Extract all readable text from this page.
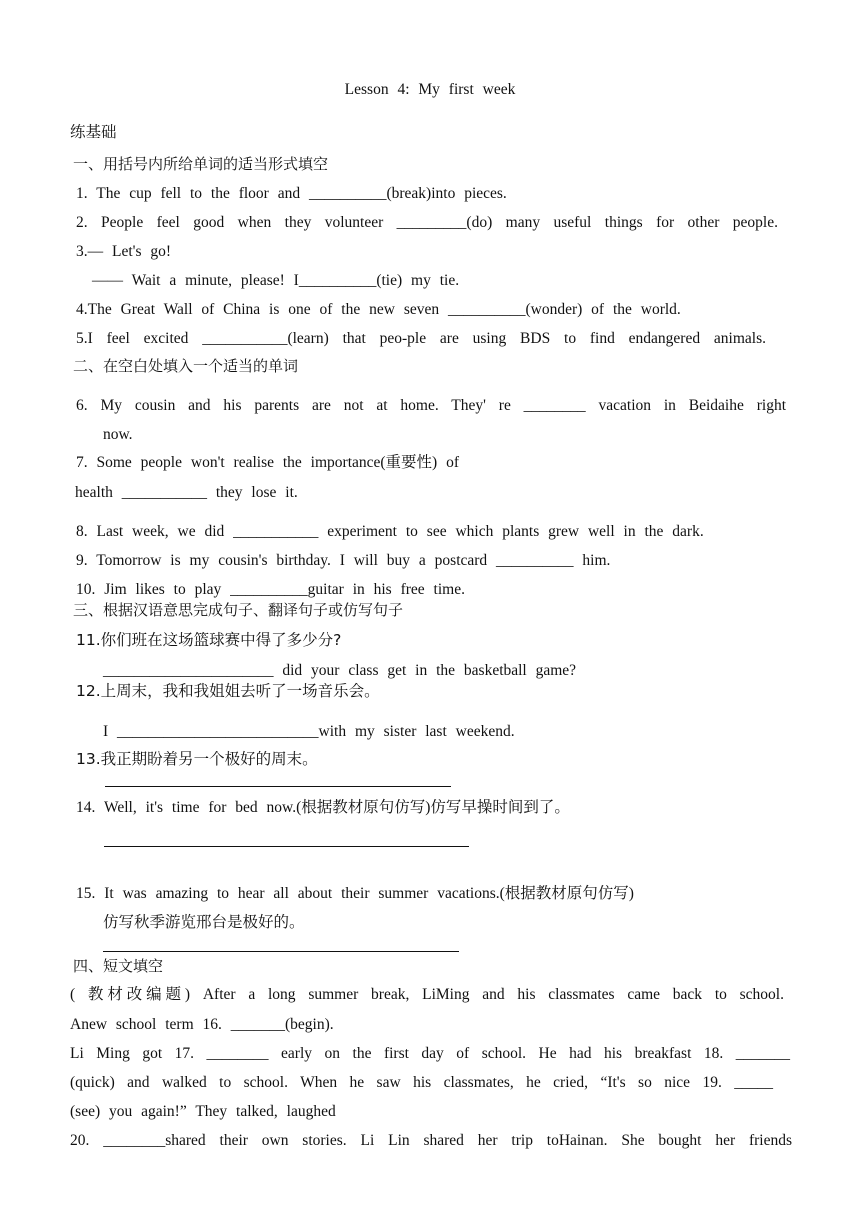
Lesson 4: My first week
练基础
一、用括号内所给单词的适当形式填空
1. The cup fell to the floor and __________(break)into pieces.
2. People feel good when they volunteer _________(do) many useful things for other people.
3.— Let's go!
—— Wait a minute, please! I__________(tie) my tie.
4.The Great Wall of China is one of the new seven __________(wonder) of the world.
5.I feel excited ___________(learn) that peo-ple are using BDS to find endangered animals.
二、在空白处填入一个适当的单词
6. My cousin and his parents are not at home. They' re ________ vacation in Beidaihe right
now.
7. Some people won't realise the importance(重要性) of
health ___________ they lose it.
8. Last week, we did ___________ experiment to see which plants grew well in the dark.
9. Tomorrow is my cousin's birthday. I will buy a postcard __________ him.
10. Jim likes to play __________guitar in his free time.
三、根据汉语意思完成句子、翻译句子或仿写句子
11.你们班在这场篮球赛中得了多少分?
______________________ did your class get in the basketball game?
12.上周末，我和我姐姐去听了一场音乐会。
I __________________________with my sister last weekend.
13.我正期盼着另一个极好的周末。
14. Well, it's time for bed now.(根据教材原句仿写)仿写早操时间到了。
15. It was amazing to hear all about their summer vacations.(根据教材原句仿写)
仿写秋季游览邢台是极好的。
四、短文填空
( 教材改编题) After a long summer break, LiMing and his classmates came back to school.
Anew school term 16. _______(begin).
Li Ming got 17. ________ early on the first day of school. He had his breakfast 18. _______
(quick) and walked to school. When he saw his classmates, he cried, “It's so nice 19. _____
(see) you again!” They talked, laughed
20. ________shared their own stories. Li Lin shared her trip toHainan. She bought her friends
